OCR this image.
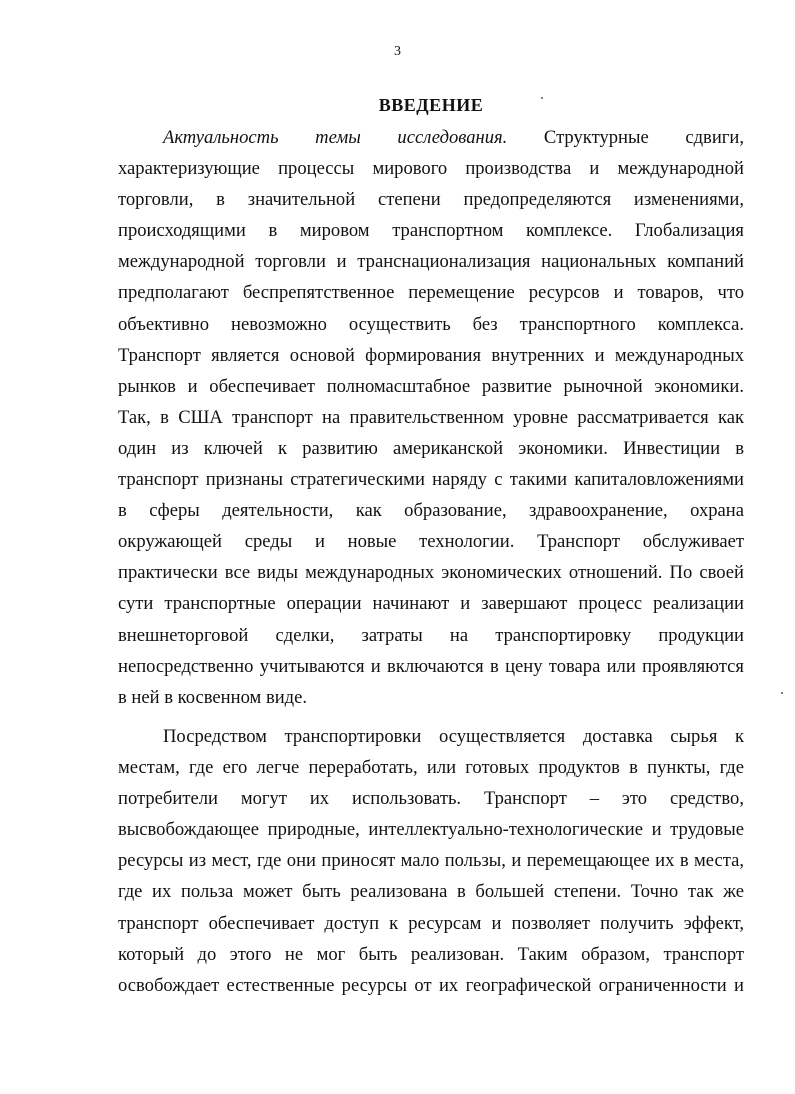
3
ВВЕДЕНИЕ
Актуальность темы исследования. Структурные сдвиги,
характеризующие процессы мирового производства и международной
торговли, в значительной степени предопределяются изменениями,
происходящими в мировом транспортном комплексе. Глобализация
международной торговли и транснационализация национальных компаний
предполагают беспрепятственное перемещение ресурсов и товаров, что
объективно невозможно осуществить без транспортного комплекса.
Транспорт является основой формирования внутренних и международных
рынков и обеспечивает полномасштабное развитие рыночной экономики.
Так, в США транспорт на правительственном уровне рассматривается как
один из ключей к развитию американской экономики. Инвестиции в
транспорт признаны стратегическими наряду с такими капиталовложениями
в сферы деятельности, как образование, здравоохранение, охрана
окружающей среды и новые технологии. Транспорт обслуживает
практически все виды международных экономических отношений. По своей
сути транспортные операции начинают и завершают процесс реализации
внешнеторговой сделки, затраты на транспортировку продукции
непосредственно учитываются и включаются в цену товара или проявляются
в ней в косвенном виде.
Посредством транспортировки осуществляется доставка сырья к
местам, где его легче переработать, или готовых продуктов в пункты, где
потребители могут их использовать. Транспорт – это средство,
высвобождающее природные, интеллектуально-технологические и трудовые
ресурсы из мест, где они приносят мало пользы, и перемещающее их в места,
где их польза может быть реализована в большей степени. Точно так же
транспорт обеспечивает доступ к ресурсам и позволяет получить эффект,
который до этого не мог быть реализован. Таким образом, транспорт
освобождает естественные ресурсы от их географической ограниченности и
